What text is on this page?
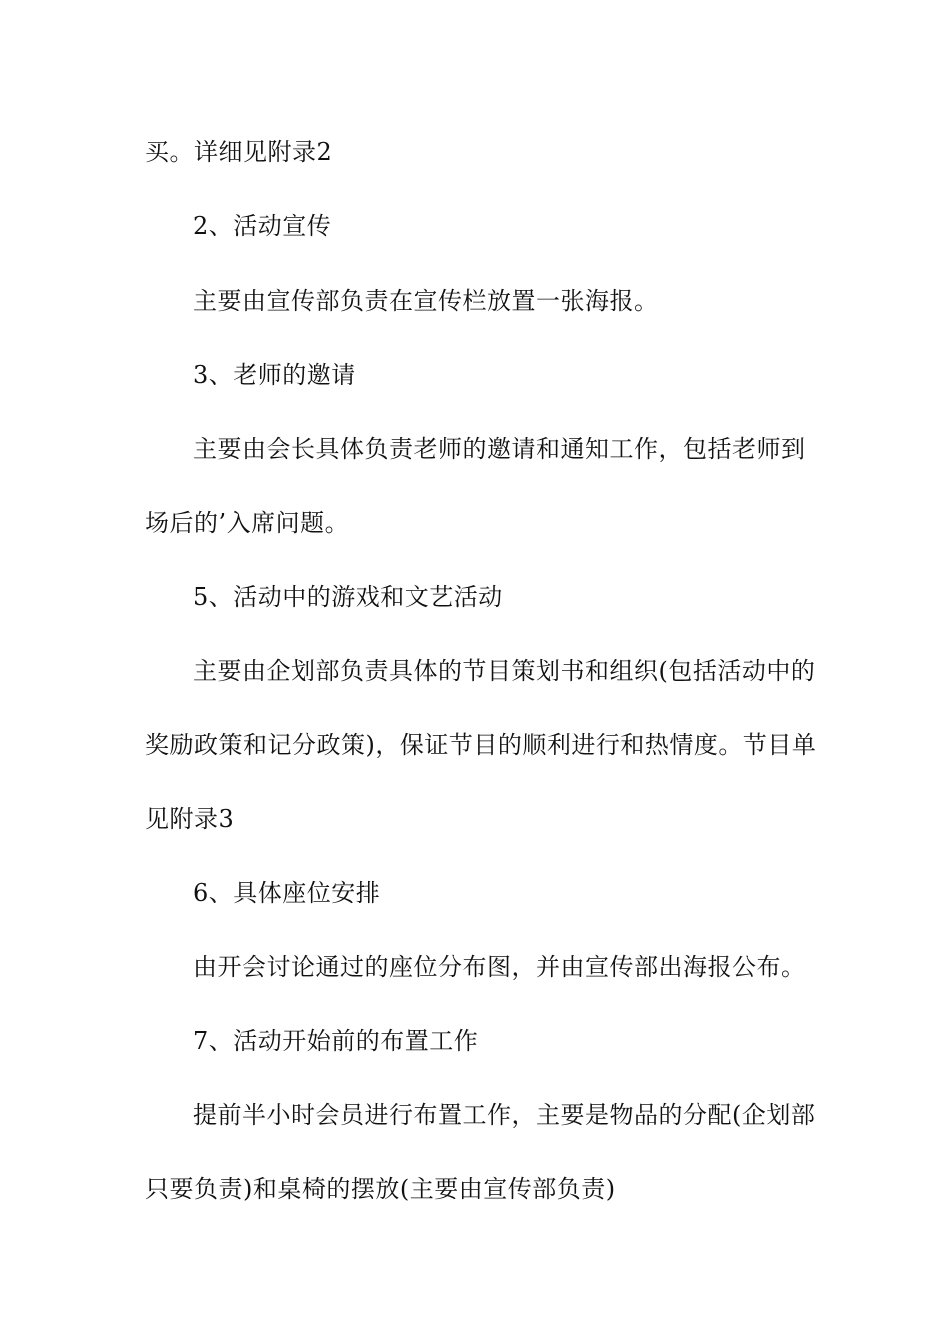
买。详细见附录2
2、活动宣传
主要由宣传部负责在宣传栏放置一张海报。
3、老师的邀请
主要由会长具体负责老师的邀请和通知工作，包括老师到
场后的’入席问题。
5、活动中的游戏和文艺活动
主要由企划部负责具体的节目策划书和组织(包括活动中的
奖励政策和记分政策)，保证节目的顺利进行和热情度。节目单
见附录3
6、具体座位安排
由开会讨论通过的座位分布图，并由宣传部出海报公布。
7、活动开始前的布置工作
提前半小时会员进行布置工作，主要是物品的分配(企划部
只要负责)和桌椅的摆放(主要由宣传部负责)
